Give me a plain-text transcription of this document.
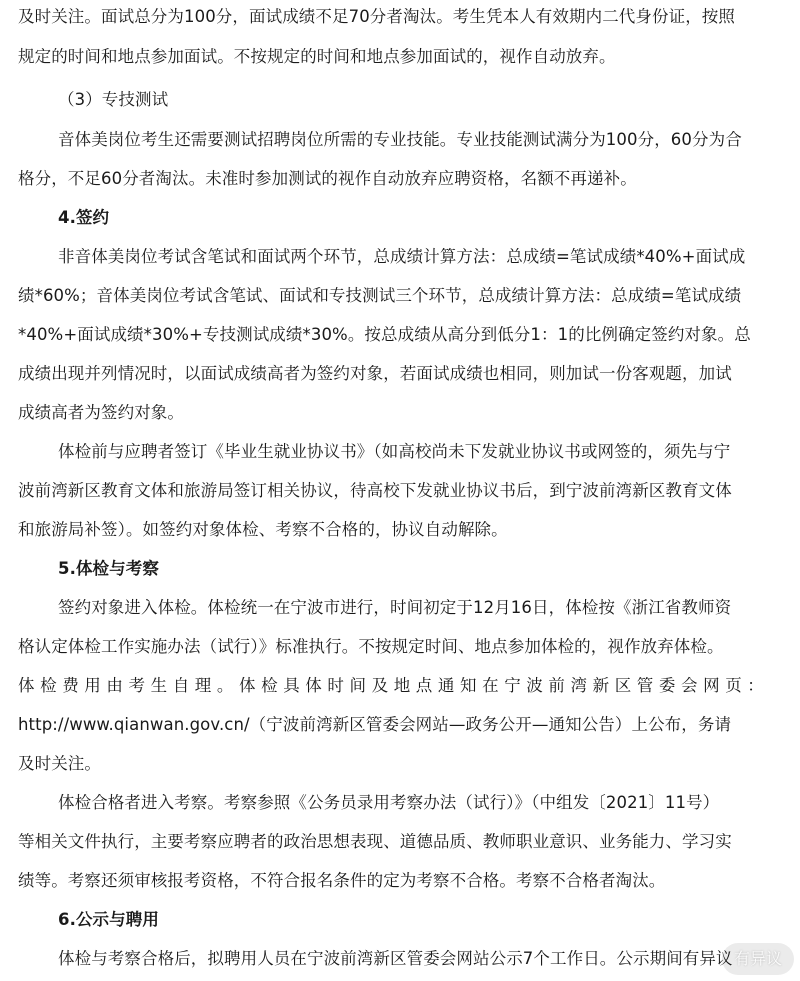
及时关注。面试总分为100分，面试成绩不足70分者淘汰。考生凭本人有效期内二代身份证，按照
规定的时间和地点参加面试。不按规定的时间和地点参加面试的，视作自动放弃。
（3）专技测试
音体美岗位考生还需要测试招聘岗位所需的专业技能。专业技能测试满分为100分，60分为合
格分，不足60分者淘汰。未准时参加测试的视作自动放弃应聘资格，名额不再递补。
4.签约
非音体美岗位考试含笔试和面试两个环节，总成绩计算方法：总成绩=笔试成绩*40%+面试成
绩*60%；音体美岗位考试含笔试、面试和专技测试三个环节，总成绩计算方法：总成绩=笔试成绩
*40%+面试成绩*30%+专技测试成绩*30%。按总成绩从高分到低分1：1的比例确定签约对象。总
成绩出现并列情况时，以面试成绩高者为签约对象，若面试成绩也相同，则加试一份客观题，加试
成绩高者为签约对象。
体检前与应聘者签订《毕业生就业协议书》（如高校尚未下发就业协议书或网签的，须先与宁
波前湾新区教育文体和旅游局签订相关协议，待高校下发就业协议书后，到宁波前湾新区教育文体
和旅游局补签）。如签约对象体检、考察不合格的，协议自动解除。
5.体检与考察
签约对象进入体检。体检统一在宁波市进行，时间初定于12月16日，体检按《浙江省教师资
格认定体检工作实施办法（试行）》标准执行。不按规定时间、地点参加体检的，视作放弃体检。
体检费用由考生自理。体检具体时间及地点通知在宁波前湾新区管委会网页：
http://www.qianwan.gov.cn/（宁波前湾新区管委会网站—政务公开—通知公告）上公布，务请
及时关注。
体检合格者进入考察。考察参照《公务员录用考察办法（试行）》（中组发〔2021〕11号）
等相关文件执行，主要考察应聘者的政治思想表现、道德品质、教师职业意识、业务能力、学习实
绩等。考察还须审核报考资格，不符合报名条件的定为考察不合格。考察不合格者淘汰。
6.公示与聘用
体检与考察合格后，拟聘用人员在宁波前湾新区管委会网站公示7个工作日。公示期间有异议 有异议
